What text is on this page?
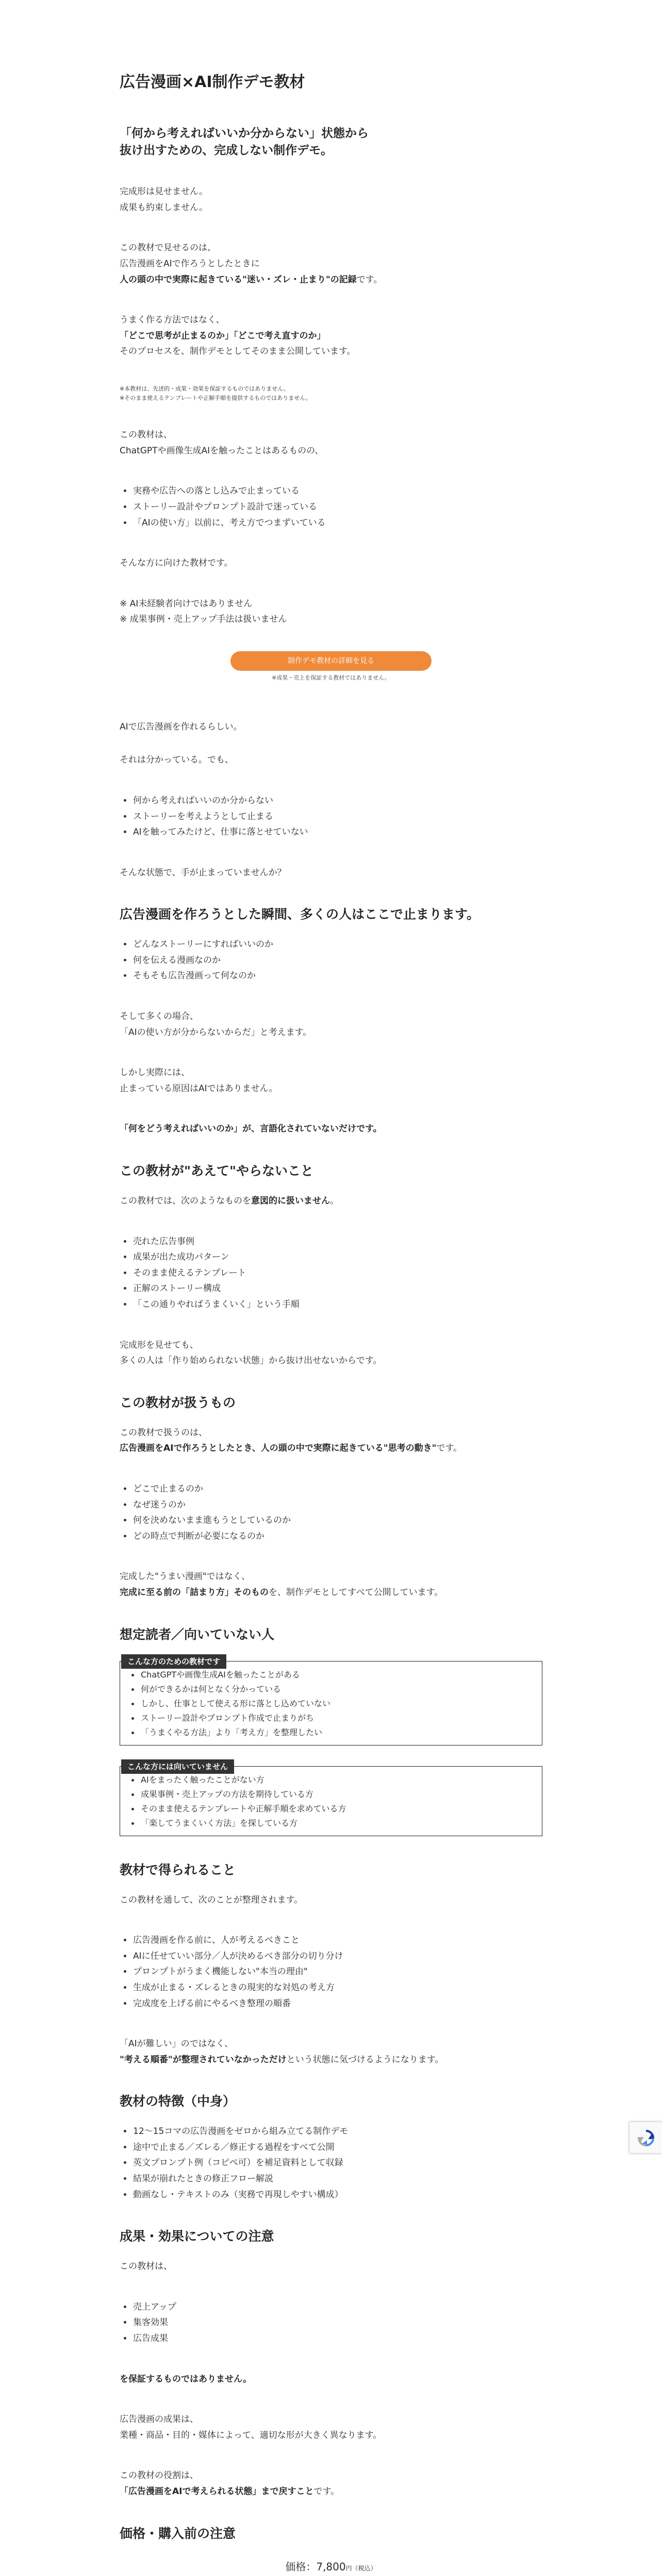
広告漫画×AI制作デモ教材
「何から考えればいいか分からない」状態から
抜け出すための、完成しない制作デモ。

完成形は見せません。

成果も約束しません。

この教材で見せるのは、

広告漫画をAIで作ろうとしたときに

人の頭の中で実際に起きている"迷い・ズレ・止まり"の記録です。

うまく作る方法ではなく、

「どこで思考が止まるのか」「どこで考え直すのか」

そのプロセスを、制作デモとしてそのまま公開しています。

※本教材は、先述的・成果・効果を保証するものではありません。
※そのまま使えるテンプレートや正解手順を提供するものではありません。

この教材は、

ChatGPTや画像生成AIを触ったことはあるものの、

実務や広告への落とし込みで止まっている
ストーリー設計やプロンプト設計で迷っている
「AIの使い方」以前に、考え方でつまずいている

そんな方に向けた教材です。

※ AI未経験者向けではありません

※ 成果事例・売上アップ手法は扱いません

制作デモ教材の詳細を見る
※成果・売上を保証する教材ではありません。

AIで広告漫画を作れるらしい。

それは分かっている。でも、

何から考えればいいのか分からない
ストーリーを考えようとして止まる
AIを触ってみたけど、仕事に落とせていない

そんな状態で、手が止まっていませんか？

広告漫画を作ろうとした瞬間、多くの人はここで止まります。
どんなストーリーにすればいいのか
何を伝える漫画なのか
そもそも広告漫画って何なのか

そして多くの場合、

「AIの使い方が分からないからだ」と考えます。

しかし実際には、

止まっている原因はAIではありません。

「何をどう考えればいいのか」が、言語化されていないだけです。

この教材が"あえて"やらないこと

この教材では、次のようなものを意図的に扱いません。

売れた広告事例
成果が出た成功パターン
そのまま使えるテンプレート
正解のストーリー構成
「この通りやればうまくいく」という手順

完成形を見せても、

多くの人は「作り始められない状態」から抜け出せないからです。

この教材が扱うもの

この教材で扱うのは、

広告漫画をAIで作ろうとしたとき、人の頭の中で実際に起きている"思考の動き"です。

どこで止まるのか
なぜ迷うのか
何を決めないまま進もうとしているのか
どの時点で判断が必要になるのか

完成した"うまい漫画"ではなく、

完成に至る前の「詰まり方」そのものを、制作デモとしてすべて公開しています。

想定読者／向いていない人
こんな方のための教材です
ChatGPTや画像生成AIを触ったことがある
何ができるかは何となく分かっている
しかし、仕事として使える形に落とし込めていない
ストーリー設計やプロンプト作成で止まりがち
「うまくやる方法」より「考え方」を整理したい
こんな方には向いていません
AIをまったく触ったことがない方
成果事例・売上アップの方法を期待している方
そのまま使えるテンプレートや正解手順を求めている方
「楽してうまくいく方法」を探している方
教材で得られること

この教材を通して、次のことが整理されます。

広告漫画を作る前に、人が考えるべきこと
AIに任せていい部分／人が決めるべき部分の切り分け
プロンプトがうまく機能しない"本当の理由"
生成が止まる・ズレるときの現実的な対処の考え方
完成度を上げる前にやるべき整理の順番

「AIが難しい」のではなく、

"考える順番"が整理されていなかっただけという状態に気づけるようになります。

教材の特徴（中身）
12〜15コマの広告漫画をゼロから組み立てる制作デモ
途中で止まる／ズレる／修正する過程をすべて公開
英文プロンプト例（コピペ可）を補足資料として収録
結果が崩れたときの修正フロー解説
動画なし・テキストのみ（実務で再現しやすい構成）
成果・効果についての注意

この教材は、

売上アップ
集客効果
広告成果

を保証するものではありません。

広告漫画の成果は、

業種・商品・目的・媒体によって、適切な形が大きく異なります。

この教材の役割は、

「広告漫画をAIで考えられる状態」まで戻すことです。

価格・購入前の注意
価格：7,800円（税込）
